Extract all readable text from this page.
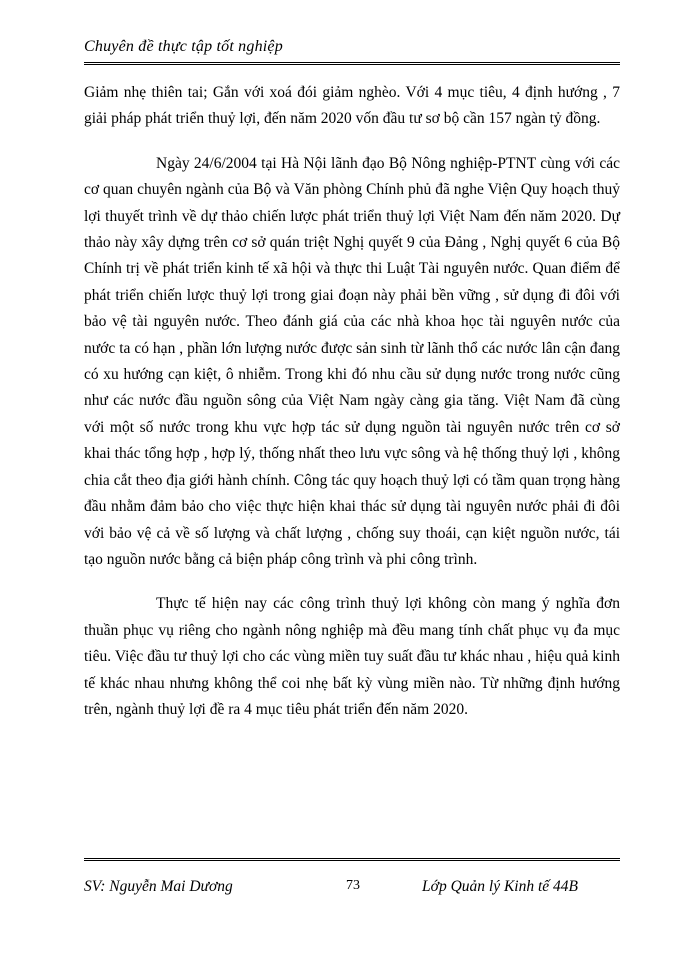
Chuyên đề thực tập tốt nghiệp

Giảm nhẹ thiên tai; Gắn với xoá đói giảm nghèo. Với 4 mục tiêu, 4 định hướng , 7 giải pháp phát triển thuỷ lợi, đến năm 2020 vốn đầu tư sơ bộ cần 157 ngàn tỷ đồng.

Ngày 24/6/2004 tại Hà Nội lãnh đạo Bộ Nông nghiệp-PTNT cùng với các cơ quan chuyên ngành của Bộ và Văn phòng Chính phủ đã nghe Viện Quy hoạch thuỷ lợi thuyết trình về dự thảo chiến lược phát triển thuỷ lợi Việt Nam đến năm 2020. Dự thảo này xây dựng trên cơ sở quán triệt Nghị quyết 9 của Đảng , Nghị quyết 6 của Bộ Chính trị về phát triển kinh tế xã hội và thực thi Luật Tài nguyên nước. Quan điểm để phát triển chiến lược thuỷ lợi trong giai đoạn này phải bền vững , sử dụng đi đôi với bảo vệ tài nguyên nước. Theo đánh giá của các nhà khoa học tài nguyên nước của nước ta có hạn , phần lớn lượng nước được sản sinh từ lãnh thổ các nước lân cận đang có xu hướng cạn kiệt, ô nhiễm. Trong khi đó nhu cầu sử dụng nước trong nước cũng như các nước đầu nguồn sông của Việt Nam ngày càng gia tăng. Việt Nam đã cùng với một số nước trong khu vực hợp tác sử dụng nguồn tài nguyên nước trên cơ sở khai thác tổng hợp , hợp lý, thống nhất theo lưu vực sông và hệ thống thuỷ lợi , không chia cắt theo địa giới hành chính. Công tác quy hoạch thuỷ lợi có tầm quan trọng hàng đầu nhằm đảm bảo cho việc thực hiện khai thác sử dụng tài nguyên nước phải đi đôi với bảo vệ cả về số lượng và chất lượng , chống suy thoái, cạn kiệt nguồn nước, tái tạo nguồn nước bằng cả biện pháp công trình và phi công trình.

Thực tế hiện nay các công trình thuỷ lợi không còn mang ý nghĩa đơn thuần phục vụ riêng cho ngành nông nghiệp mà đều mang tính chất phục vụ đa mục tiêu. Việc đầu tư thuỷ lợi cho các vùng miền tuy suất đầu tư khác nhau , hiệu quả kinh tế khác nhau nhưng không thể coi nhẹ bất kỳ vùng miền nào. Từ những định hướng trên, ngành thuỷ lợi đề ra 4 mục tiêu phát triển đến năm 2020.

SV: Nguyễn Mai Dương	73	Lớp Quản lý Kinh tế 44B
